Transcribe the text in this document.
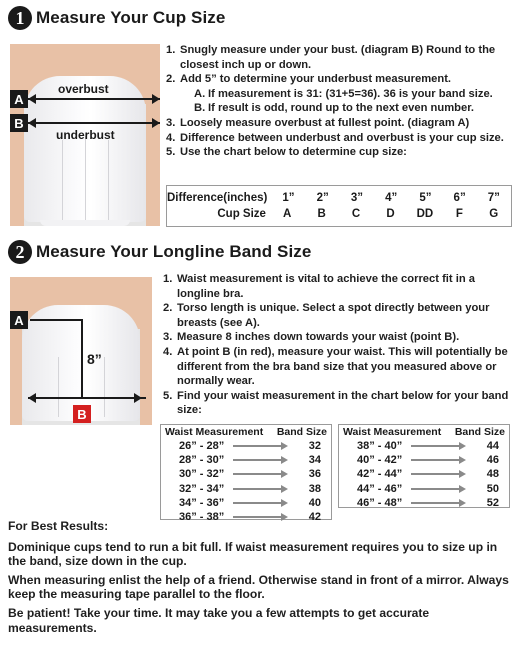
1 Measure Your Cup Size
A
B
overbust
underbust
1. Snugly measure under your bust. (diagram B) Round to the closest inch up or down.
2. Add 5” to determine your underbust measurement.
A. If measurement is 31: (31+5=36). 36 is your band size.
B. If result is odd, round up to the next even number.
3. Loosely measure overbust at fullest point. (diagram A)
4. Difference between underbust and overbust is your cup size.
5. Use the chart below to determine cup size:
Difference(inches)	1”	2”	3”	4”	5”	6”	7”
Cup Size	A	B	C	D	DD	F	G
2 Measure Your Longline Band Size
A
B
8”
1. Waist measurement is vital to achieve the correct fit in a longline bra.
2. Torso length is unique. Select a spot directly between your breasts (see A).
3. Measure 8 inches down towards your waist (point B).
4. At point B (in red), measure your waist. This will potentially be different from the bra band size that you measured above or normally wear.
5. Find your waist measurement in the chart below for your band size:
Waist Measurement Band Size
26” - 28”	32
28” - 30”	34
30” - 32”	36
32” - 34”	38
34” - 36”	40
36” - 38”	42
Waist Measurement Band Size
38” - 40”	44
40” - 42”	46
42” - 44”	48
44” - 46”	50
46” - 48”	52
For Best Results:
Dominique cups tend to run a bit full. If waist measurement requires you to size up in the band, size down in the cup.
When measuring enlist the help of a friend. Otherwise stand in front of a mirror. Always keep the measuring tape parallel to the floor.
Be patient! Take your time. It may take you a few attempts to get accurate measurements.
